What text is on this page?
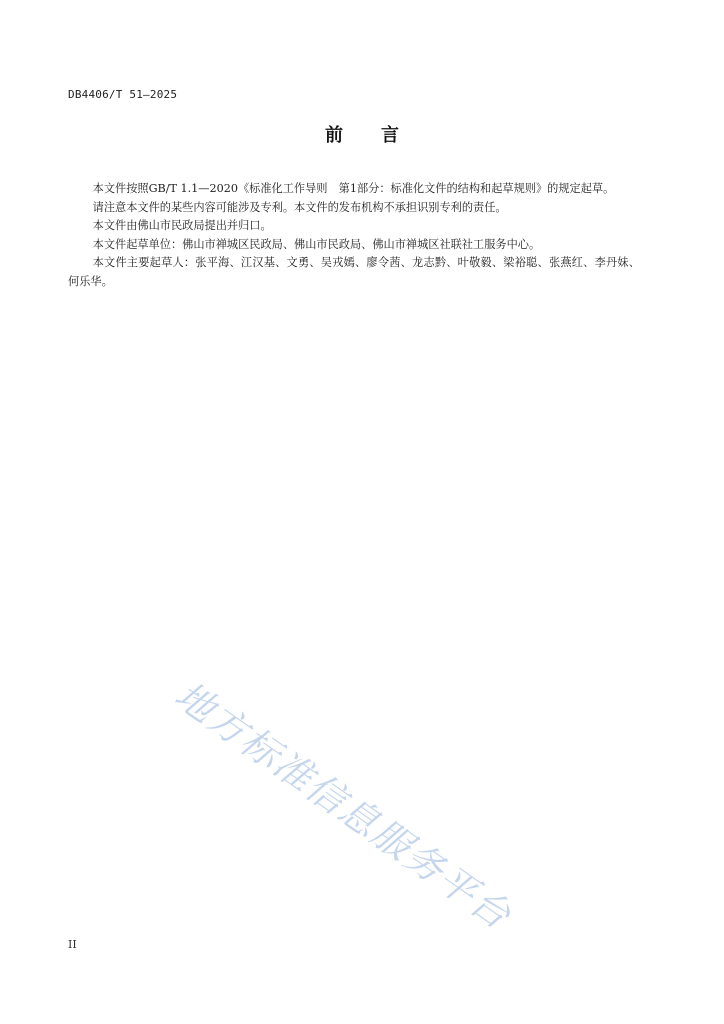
DB4406/T 51—2025
前言

本文件按照GB/T 1.1—2020《标准化工作导则　第1部分：标准化文件的结构和起草规则》的规定起草。

请注意本文件的某些内容可能涉及专利。本文件的发布机构不承担识别专利的责任。

本文件由佛山市民政局提出并归口。

本文件起草单位：佛山市禅城区民政局、佛山市民政局、佛山市禅城区社联社工服务中心。

本文件主要起草人：张平海、江汉基、文勇、吴戎嫣、廖令茜、龙志黔、叶敬毅、梁裕聪、张燕红、李丹妹、何乐华。

地方标准信息服务平台
II
